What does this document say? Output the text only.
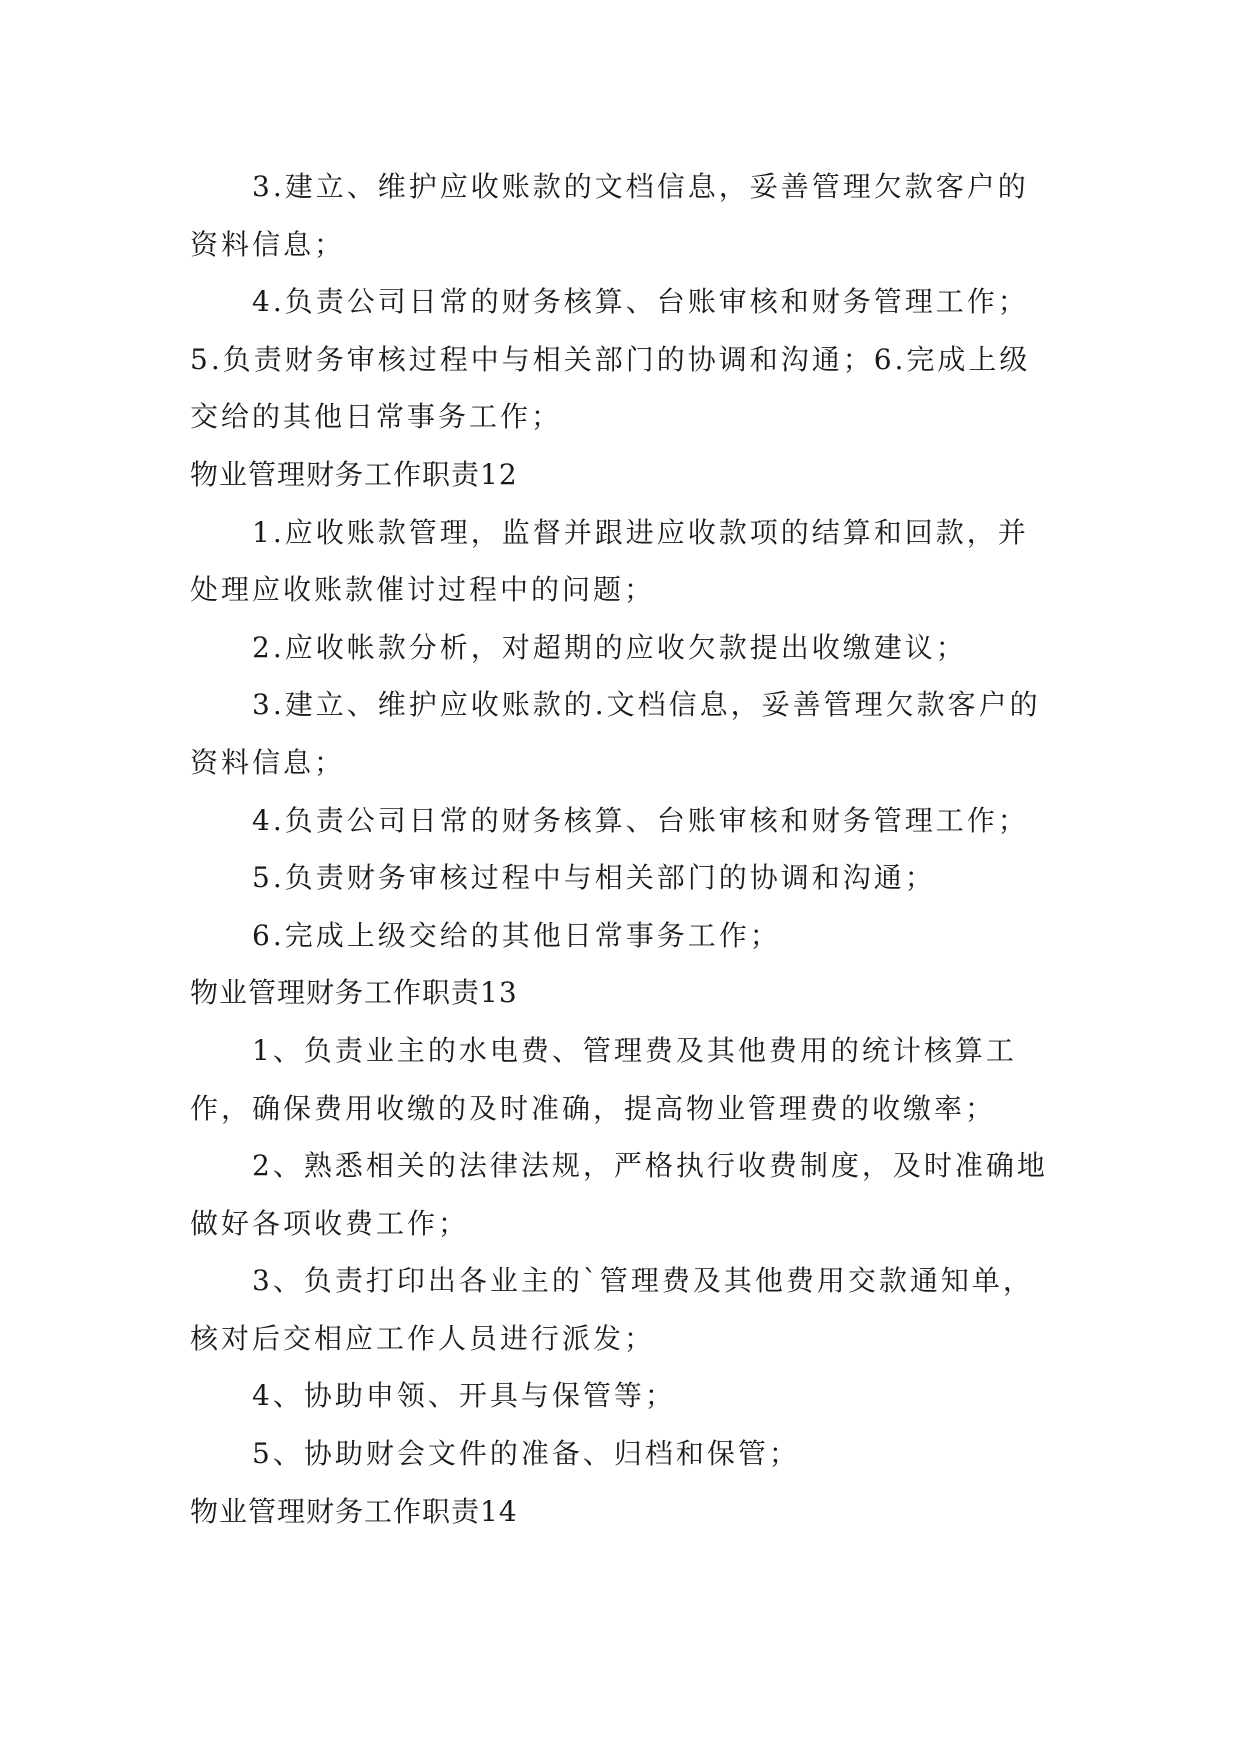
3.建立、维护应收账款的文档信息，妥善管理欠款客户的资料信息；

4.负责公司日常的财务核算、台账审核和财务管理工作；5.负责财务审核过程中与相关部门的协调和沟通；6.完成上级交给的其他日常事务工作；

物业管理财务工作职责12

1.应收账款管理，监督并跟进应收款项的结算和回款，并处理应收账款催讨过程中的问题；

2.应收帐款分析，对超期的应收欠款提出收缴建议；

3.建立、维护应收账款的.文档信息，妥善管理欠款客户的资料信息；

4.负责公司日常的财务核算、台账审核和财务管理工作；

5.负责财务审核过程中与相关部门的协调和沟通；

6.完成上级交给的其他日常事务工作；

物业管理财务工作职责13

1、负责业主的水电费、管理费及其他费用的统计核算工作，确保费用收缴的及时准确，提高物业管理费的收缴率；

2、熟悉相关的法律法规，严格执行收费制度，及时准确地做好各项收费工作；

3、负责打印出各业主的`管理费及其他费用交款通知单，核对后交相应工作人员进行派发；

4、协助申领、开具与保管等；

5、协助财会文件的准备、归档和保管；

物业管理财务工作职责14
